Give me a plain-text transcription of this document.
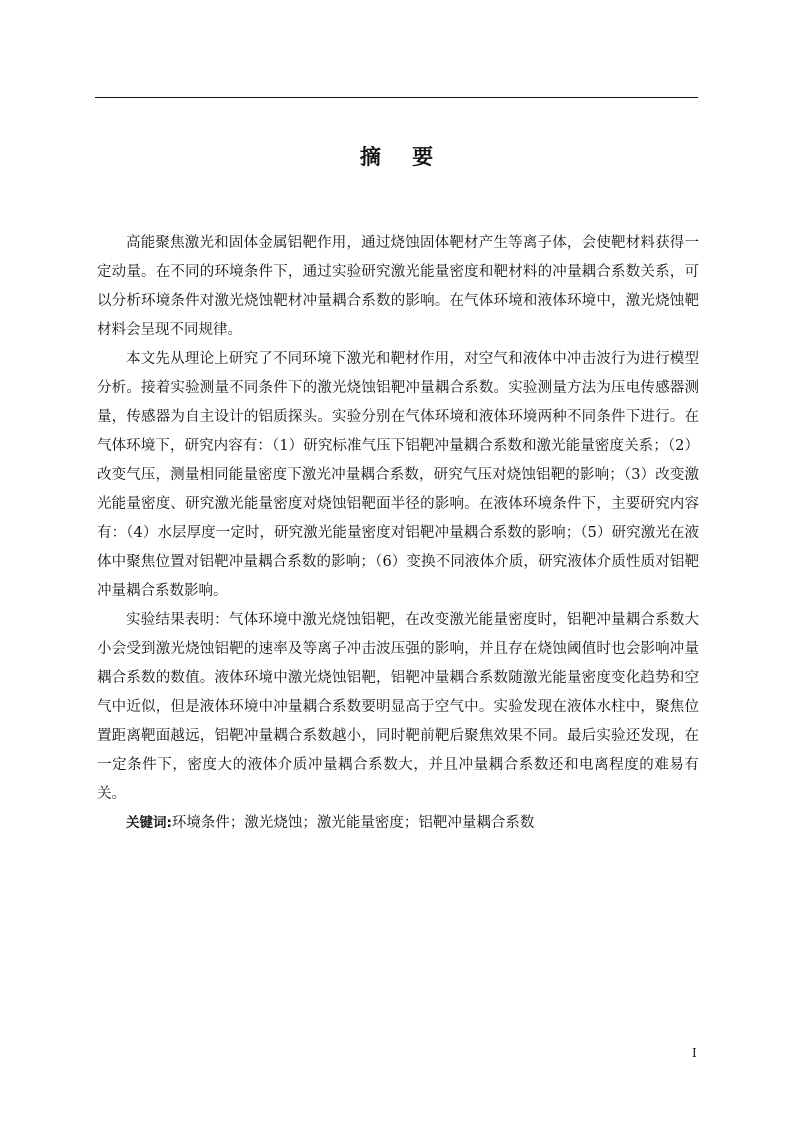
摘 要

高能聚焦激光和固体金属铝靶作用，通过烧蚀固体靶材产生等离子体，会使靶材料获得一定动量。在不同的环境条件下，通过实验研究激光能量密度和靶材料的冲量耦合系数关系，可以分析环境条件对激光烧蚀靶材冲量耦合系数的影响。在气体环境和液体环境中，激光烧蚀靶材料会呈现不同规律。

本文先从理论上研究了不同环境下激光和靶材作用，对空气和液体中冲击波行为进行模型分析。接着实验测量不同条件下的激光烧蚀铝靶冲量耦合系数。实验测量方法为压电传感器测量，传感器为自主设计的铝质探头。实验分别在气体环境和液体环境两种不同条件下进行。在气体环境下，研究内容有：（1）研究标准气压下铝靶冲量耦合系数和激光能量密度关系；（2）改变气压，测量相同能量密度下激光冲量耦合系数，研究气压对烧蚀铝靶的影响；（3）改变激光能量密度、研究激光能量密度对烧蚀铝靶面半径的影响。在液体环境条件下，主要研究内容有：（4）水层厚度一定时，研究激光能量密度对铝靶冲量耦合系数的影响；（5）研究激光在液体中聚焦位置对铝靶冲量耦合系数的影响；（6）变换不同液体介质，研究液体介质性质对铝靶冲量耦合系数影响。

实验结果表明：气体环境中激光烧蚀铝靶，在改变激光能量密度时，铝靶冲量耦合系数大小会受到激光烧蚀铝靶的速率及等离子冲击波压强的影响，并且存在烧蚀阈值时也会影响冲量耦合系数的数值。液体环境中激光烧蚀铝靶，铝靶冲量耦合系数随激光能量密度变化趋势和空气中近似，但是液体环境中冲量耦合系数要明显高于空气中。实验发现在液体水柱中，聚焦位置距离靶面越远，铝靶冲量耦合系数越小，同时靶前靶后聚焦效果不同。最后实验还发现，在一定条件下，密度大的液体介质冲量耦合系数大，并且冲量耦合系数还和电离程度的难易有关。

关键词:环境条件；激光烧蚀；激光能量密度；铝靶冲量耦合系数

I
